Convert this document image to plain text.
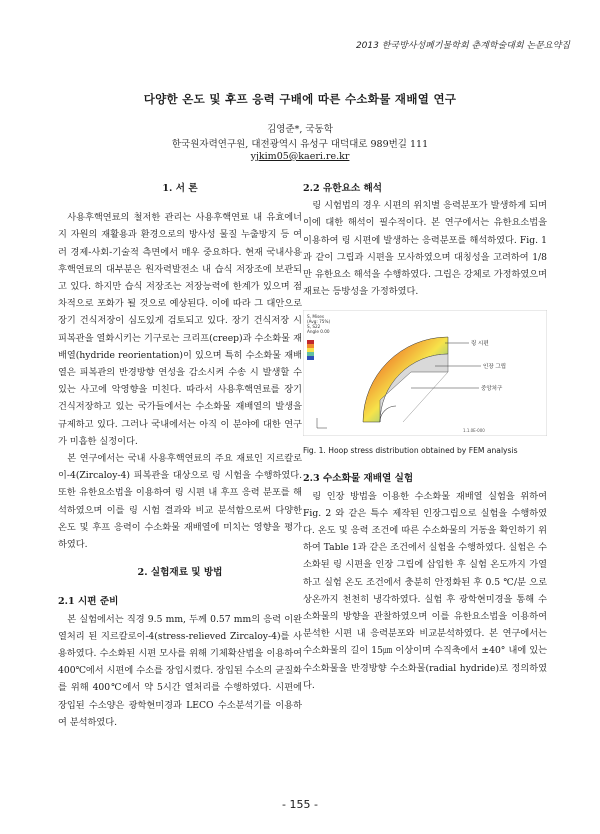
2013 한국방사성폐기물학회 춘계학술대회 논문요약집
다양한 온도 및 후프 응력 구배에 따른 수소화물 재배열 연구
김영준*, 국동학
한국원자력연구원, 대전광역시 유성구 대덕대로 989번길 111
yjkim05@kaeri.re.kr
1. 서 론

사용후핵연료의 철저한 관리는 사용후핵연료 내 유효에너지 자원의 재활용과 환경으로의 방사성 물질 누출방지 등 여러 경제-사회-기술적 측면에서 매우 중요하다. 현재 국내사용후핵연료의 대부분은 원자력발전소 내 습식 저장조에 보관되고 있다. 하지만 습식 저장조는 저장능력에 한계가 있으며 점차적으로 포화가 될 것으로 예상된다. 이에 따라 그 대안으로 장기 건식저장이 심도있게 검토되고 있다. 장기 건식저장 시 피복관을 열화시키는 기구로는 크리프(creep)과 수소화물 재배열(hydride reorientation)이 있으며 특히 수소화물 재배열은 피복관의 반경방향 연성을 감소시켜 수송 시 발생할 수 있는 사고에 악영향을 미친다. 따라서 사용후핵연료를 장기 건식저장하고 있는 국가들에서는 수소화물 재배열의 발생을 규제하고 있다. 그러나 국내에서는 아직 이 분야에 대한 연구가 미흡한 실정이다.

본 연구에서는 국내 사용후핵연료의 주요 재료인 지르칼로이-4(Zircaloy-4) 피복관을 대상으로 링 시험을 수행하였다. 또한 유한요소법을 이용하여 링 시편 내 후프 응력 분포를 해석하였으며 이를 링 시험 결과와 비교 분석함으로써 다양한 온도 및 후프 응력이 수소화물 재배열에 미치는 영향을 평가하였다.

2. 실험재료 및 방법
2.1 시편 준비

본 실험에서는 직경 9.5 mm, 두께 0.57 mm의 응력 이완 열처리 된 지르칼로이-4(stress-relieved Zircaloy-4)를 사용하였다. 수소화된 시편 모사를 위해 기체확산법을 이용하여 400℃에서 시편에 수소를 장입시켰다. 장입된 수소의 균질화를 위해 400℃에서 약 5시간 열처리를 수행하였다. 시편에 장입된 수소양은 광학현미경과 LECO 수소분석기를 이용하여 분석하였다.

2.2 유한요소 해석

링 시험법의 경우 시편의 위치별 응력분포가 발생하게 되며 이에 대한 해석이 필수적이다. 본 연구에서는 유한요소법을 이용하여 링 시편에 발생하는 응력분포를 해석하였다. Fig. 1 과 같이 그립과 시편을 모사하였으며 대칭성을 고려하여 1/8만 유한요소 해석을 수행하였다. 그립은 강체로 가정하였으며 재료는 등방성을 가정하였다.

S, Mises
(Avg: 75%)
S, S22
Angle 0.00
링 시편
인장 그립
중앙처구
1.1.0E-000

Fig. 1. Hoop stress distribution obtained by FEM analysis

2.3 수소화물 재배열 실험

링 인장 방법을 이용한 수소화물 재배열 실험을 위하여 Fig. 2 와 같은 특수 제작된 인장그립으로 실험을 수행하였다. 온도 및 응력 조건에 따른 수소화물의 거동을 확인하기 위하여 Table 1과 같은 조건에서 실험을 수행하였다. 실험은 수소화된 링 시편을 인장 그립에 삽입한 후 실험 온도까지 가열하고 실험 온도 조건에서 충분히 안정화된 후 0.5 ℃/분 으로 상온까지 천천히 냉각하였다. 실험 후 광학현미경을 통해 수소화물의 방향을 관찰하였으며 이를 유한요소법을 이용하여 분석한 시편 내 응력분포와 비교분석하였다. 본 연구에서는 수소화물의 길이 15㎛ 이상이며 수직축에서 ±40° 내에 있는 수소화물을 반경방향 수소화물(radial hydride)로 정의하였다.

- 155 -
